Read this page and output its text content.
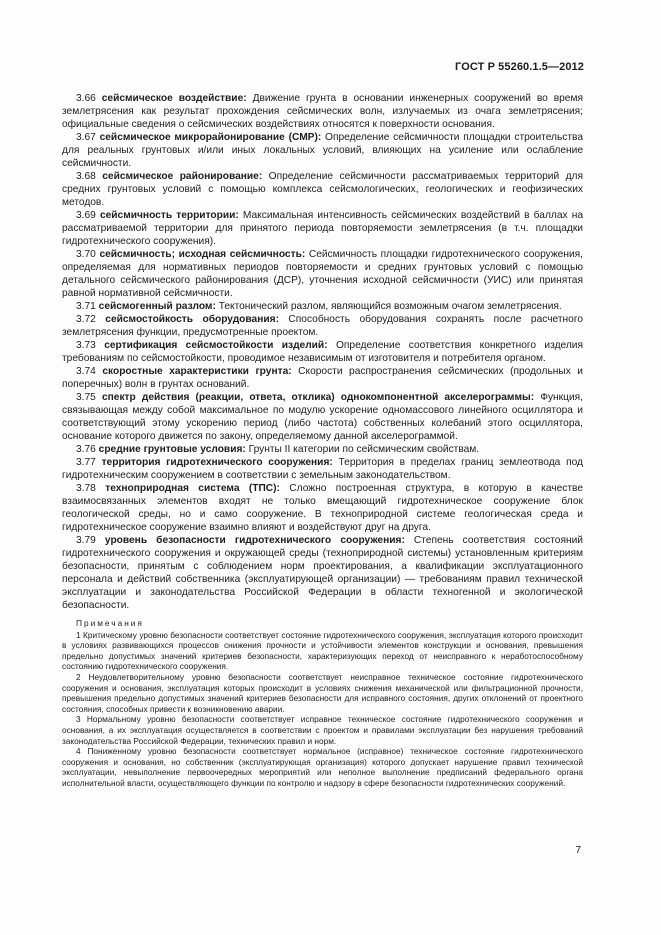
ГОСТ Р 55260.1.5—2012

3.66 сейсмическое воздействие: Движение грунта в основании инженерных сооружений во время землетрясения как результат прохождения сейсмических волн, излучаемых из очага землетрясения; официальные сведения о сейсмических воздействиях относятся к поверхности основания.

3.67 сейсмическое микрорайонирование (СМР): Определение сейсмичности площадки строительства для реальных грунтовых и/или иных локальных условий, влияющих на усиление или ослабление сейсмичности.

3.68 сейсмическое районирование: Определение сейсмичности рассматриваемых территорий для средних грунтовых условий с помощью комплекса сейсмологических, геологических и геофизических методов.

3.69 сейсмичность территории: Максимальная интенсивность сейсмических воздействий в баллах на рассматриваемой территории для принятого периода повторяемости землетрясения (в т.ч. площадки гидротехнического сооружения).

3.70 сейсмичность; исходная сейсмичность: Сейсмичность площадки гидротехнического сооружения, определяемая для нормативных периодов повторяемости и средних грунтовых условий с помощью детального сейсмического районирования (ДСР), уточнения исходной сейсмичности (УИС) или принятая равной нормативной сейсмичности.

3.71 сейсмогенный разлом: Тектонический разлом, являющийся возможным очагом землетрясения.

3.72 сейсмостойкость оборудования: Способность оборудования сохранять после расчетного землетрясения функции, предусмотренные проектом.

3.73 сертификация сейсмостойкости изделий: Определение соответствия конкретного изделия требованиям по сейсмостойкости, проводимое независимым от изготовителя и потребителя органом.

3.74 скоростные характеристики грунта: Скорости распространения сейсмических (продольных и поперечных) волн в грунтах оснований.

3.75 спектр действия (реакции, ответа, отклика) однокомпонентной акселерограммы: Функция, связывающая между собой максимальное по модулю ускорение одномассового линейного осциллятора и соответствующий этому ускорению период (либо частота) собственных колебаний этого осциллятора, основание которого движется по закону, определяемому данной акселерограммой.

3.76 средние грунтовые условия: Грунты II категории по сейсмическим свойствам.

3.77 территория гидротехнического сооружения: Территория в пределах границ землеотвода под гидротехническим сооружением в соответствии с земельным законодательством.

3.78 техноприродная система (ТПС): Сложно построенная структура, в которую в качестве взаимосвязанных элементов входят не только вмещающий гидротехническое сооружение блок геологической среды, но и само сооружение. В техноприродной системе геологическая среда и гидротехническое сооружение взаимно влияют и воздействуют друг на друга.

3.79 уровень безопасности гидротехнического сооружения: Степень соответствия состояний гидротехнического сооружения и окружающей среды (техноприродной системы) установленным критериям безопасности, принятым с соблюдением норм проектирования, а квалификации эксплуатационного персонала и действий собственника (эксплуатирующей организации) — требованиям правил технической эксплуатации и законодательства Российской Федерации в области техногенной и экологической безопасности.

Примечания

1 Критическому уровню безопасности соответствует состояние гидротехнического сооружения, эксплуатация которого происходит в условиях развивающихся процессов снижения прочности и устойчивости элементов конструкции и основания, превышения предельно допустимых значений критериев безопасности, характеризующих переход от неисправного к неработоспособному состоянию гидротехнического сооружения.

2 Неудовлетворительному уровню безопасности соответствует неисправное техническое состояние гидротехнического сооружения и основания, эксплуатация которых происходит в условиях снижения механической или фильтрационной прочности, превышения предельно допустимых значений критериев безопасности для исправного состояния, других отклонений от проектного состояния, способных привести к возникновению аварии.

3 Нормальному уровню безопасности соответствует исправное техническое состояние гидротехнического сооружения и основания, а их эксплуатация осуществляется в соответствии с проектом и правилами эксплуатации без нарушения требований законодательства Российской Федерации, технических правил и норм.

4 Пониженному уровню безопасности соответствует нормальное (исправное) техническое состояние гидротехнического сооружения и основания, но собственник (эксплуатирующая организация) которого допускает нарушение правил технической эксплуатации, невыполнение первоочередных мероприятий или неполное выполнение предписаний федерального органа исполнительной власти, осуществляющего функции по контролю и надзору в сфере безопасности гидротехнических сооружений.

7
